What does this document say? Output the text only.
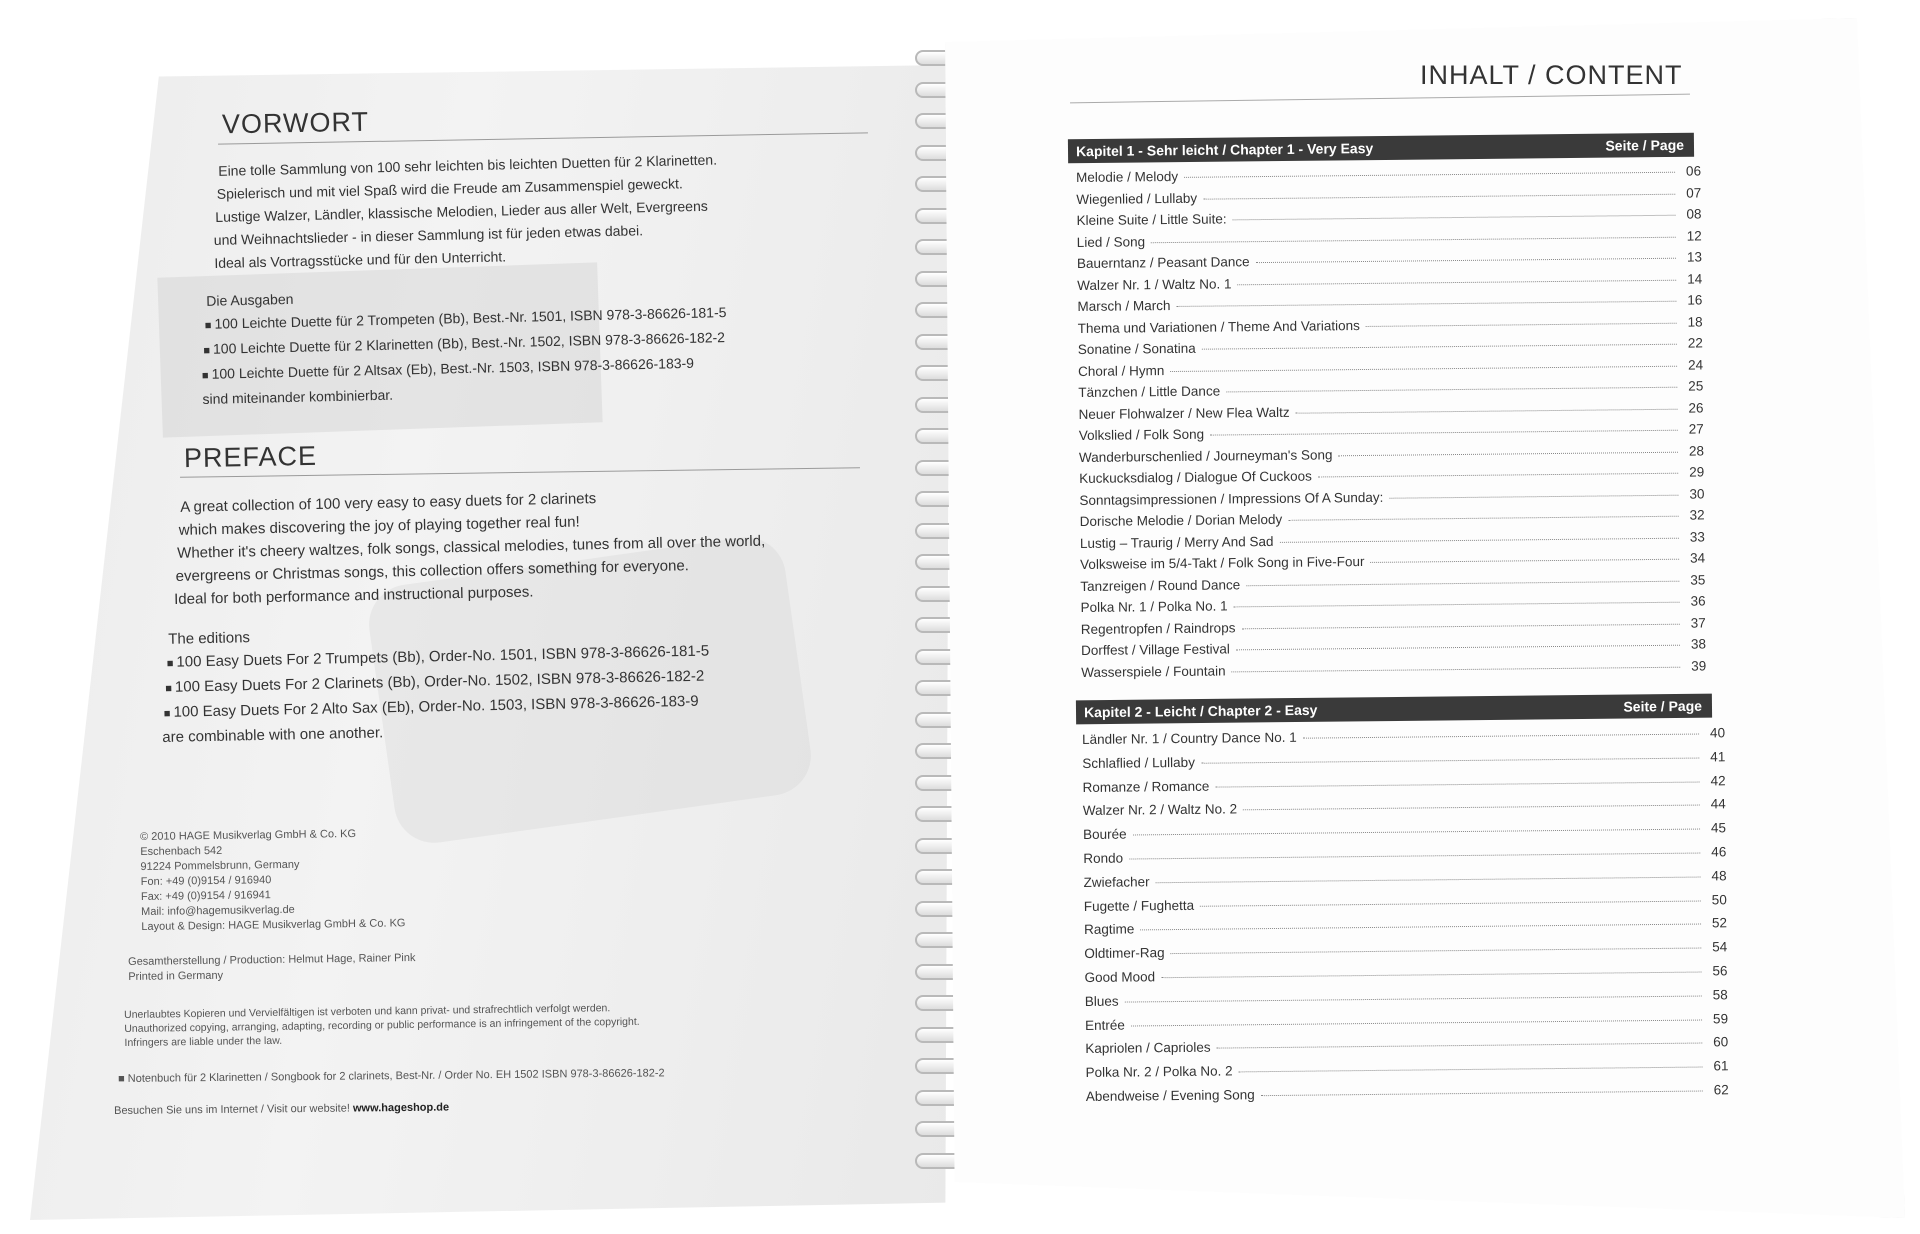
VORWORT
Eine tolle Sammlung von 100 sehr leichten bis leichten Duetten für 2 Klarinetten.
Spielerisch und mit viel Spaß wird die Freude am Zusammenspiel geweckt.
Lustige Walzer, Ländler, klassische Melodien, Lieder aus aller Welt, Evergreens
und Weihnachtslieder - in dieser Sammlung ist für jeden etwas dabei.
Ideal als Vortragsstücke und für den Unterricht.
Die Ausgaben
■ 100 Leichte Duette für 2 Trompeten (Bb), Best.-Nr. 1501, ISBN 978-3-86626-181-5
■ 100 Leichte Duette für 2 Klarinetten (Bb), Best.-Nr. 1502, ISBN 978-3-86626-182-2
■ 100 Leichte Duette für 2 Altsax (Eb), Best.-Nr. 1503, ISBN 978-3-86626-183-9
sind miteinander kombinierbar.
PREFACE
A great collection of 100 very easy to easy duets for 2 clarinets
which makes discovering the joy of playing together real fun!
Whether it's cheery waltzes, folk songs, classical melodies, tunes from all over the world,
evergreens or Christmas songs, this collection offers something for everyone.
Ideal for both performance and instructional purposes.
The editions
■ 100 Easy Duets For 2 Trumpets (Bb), Order-No. 1501, ISBN 978-3-86626-181-5
■ 100 Easy Duets For 2 Clarinets (Bb), Order-No. 1502, ISBN 978-3-86626-182-2
■ 100 Easy Duets For 2 Alto Sax (Eb), Order-No. 1503, ISBN 978-3-86626-183-9
are combinable with one another.
© 2010 HAGE Musikverlag GmbH & Co. KG
Eschenbach 542
91224 Pommelsbrunn, Germany
Fon: +49 (0)9154 / 916940
Fax: +49 (0)9154 / 916941
Mail: info@hagemusikverlag.de
Layout & Design: HAGE Musikverlag GmbH & Co. KG
Gesamtherstellung / Production: Helmut Hage, Rainer Pink
Printed in Germany
Unerlaubtes Kopieren und Vervielfältigen ist verboten und kann privat- und strafrechtlich verfolgt werden.
Unauthorized copying, arranging, adapting, recording or public performance is an infringement of the copyright.
Infringers are liable under the law.
■ Notenbuch für 2 Klarinetten / Songbook for 2 clarinets, Best-Nr. / Order No. EH 1502 ISBN 978-3-86626-182-2
Besuchen Sie uns im Internet / Visit our website! www.hageshop.de
INHALT / CONTENT
Kapitel 1 - Sehr leicht / Chapter 1 - Very Easy	Seite / Page
Melodie / Melody	06
Wiegenlied / Lullaby	07
Kleine Suite / Little Suite:	08
Lied / Song	12
Bauerntanz / Peasant Dance	13
Walzer Nr. 1 / Waltz No. 1	14
Marsch / March	16
Thema und Variationen / Theme And Variations	18
Sonatine / Sonatina	22
Choral / Hymn	24
Tänzchen / Little Dance	25
Neuer Flohwalzer / New Flea Waltz	26
Volkslied / Folk Song	27
Wanderburschenlied / Journeyman's Song	28
Kuckucksdialog / Dialogue Of Cuckoos	29
Sonntagsimpressionen / Impressions Of A Sunday:	30
Dorische Melodie / Dorian Melody	32
Lustig – Traurig / Merry And Sad	33
Volksweise im 5/4-Takt / Folk Song in Five-Four	34
Tanzreigen / Round Dance	35
Polka Nr. 1 / Polka No. 1	36
Regentropfen / Raindrops	37
Dorffest / Village Festival	38
Wasserspiele / Fountain	39
Kapitel 2 - Leicht / Chapter 2 - Easy	Seite / Page
Ländler Nr. 1 / Country Dance No. 1	40
Schlaflied / Lullaby	41
Romanze / Romance	42
Walzer Nr. 2 / Waltz No. 2	44
Bourée	45
Rondo	46
Zwiefacher	48
Fugette / Fughetta	50
Ragtime	52
Oldtimer-Rag	54
Good Mood	56
Blues	58
Entrée	59
Kapriolen / Caprioles	60
Polka Nr. 2 / Polka No. 2	61
Abendweise / Evening Song	62
